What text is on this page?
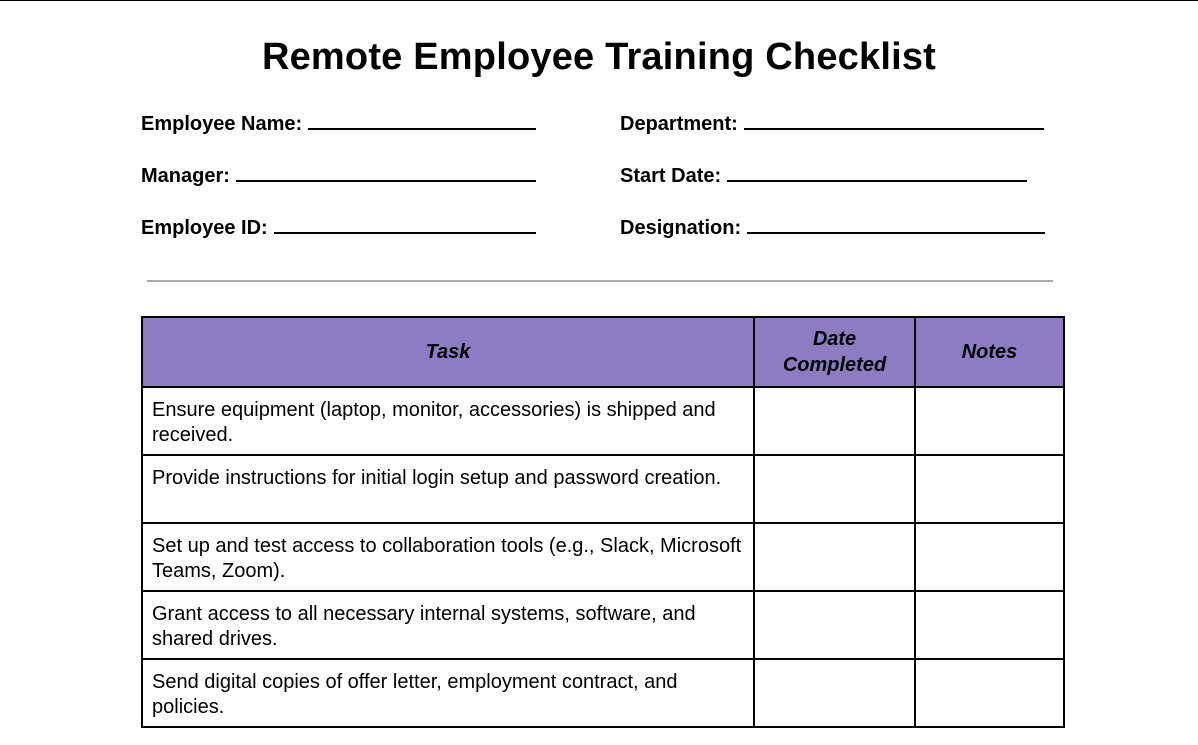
Remote Employee Training Checklist
Employee Name:	Department:
Manager:	Start Date:
Employee ID:	Designation:
Task	Date Completed	Notes
Ensure equipment (laptop, monitor, accessories) is shipped and received.		
Provide instructions for initial login setup and password creation.		
Set up and test access to collaboration tools (e.g., Slack, Microsoft Teams, Zoom).		
Grant access to all necessary internal systems, software, and shared drives.		
Send digital copies of offer letter, employment contract, and policies.		
